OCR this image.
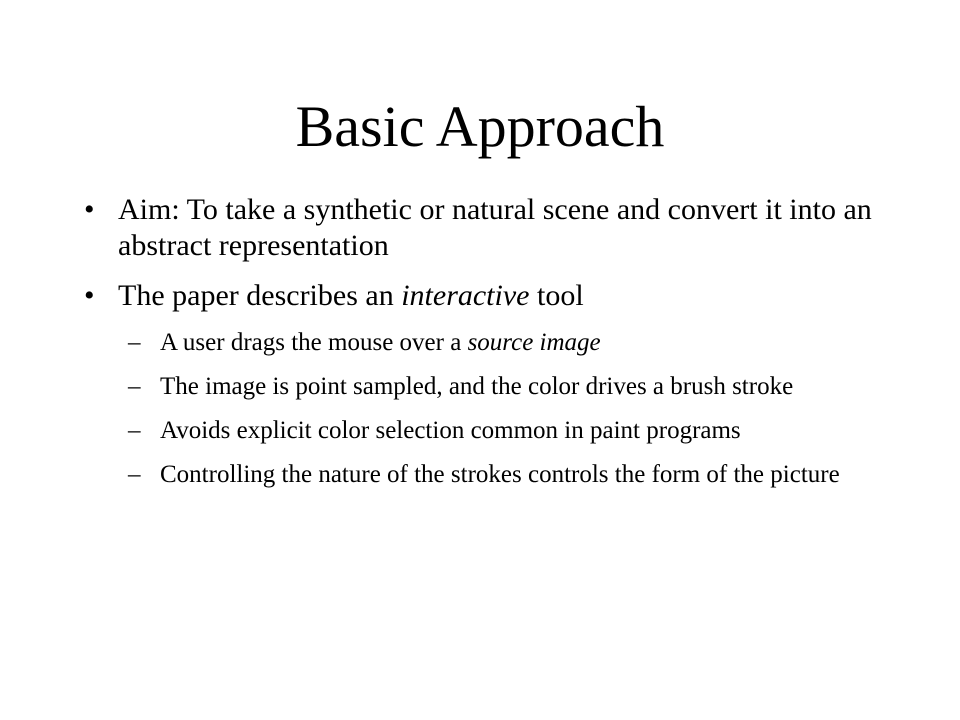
Basic Approach
• Aim: To take a synthetic or natural scene and convert it into an abstract representation
• The paper describes an interactive tool
– A user drags the mouse over a source image
– The image is point sampled, and the color drives a brush stroke
– Avoids explicit color selection common in paint programs
– Controlling the nature of the strokes controls the form of the picture
